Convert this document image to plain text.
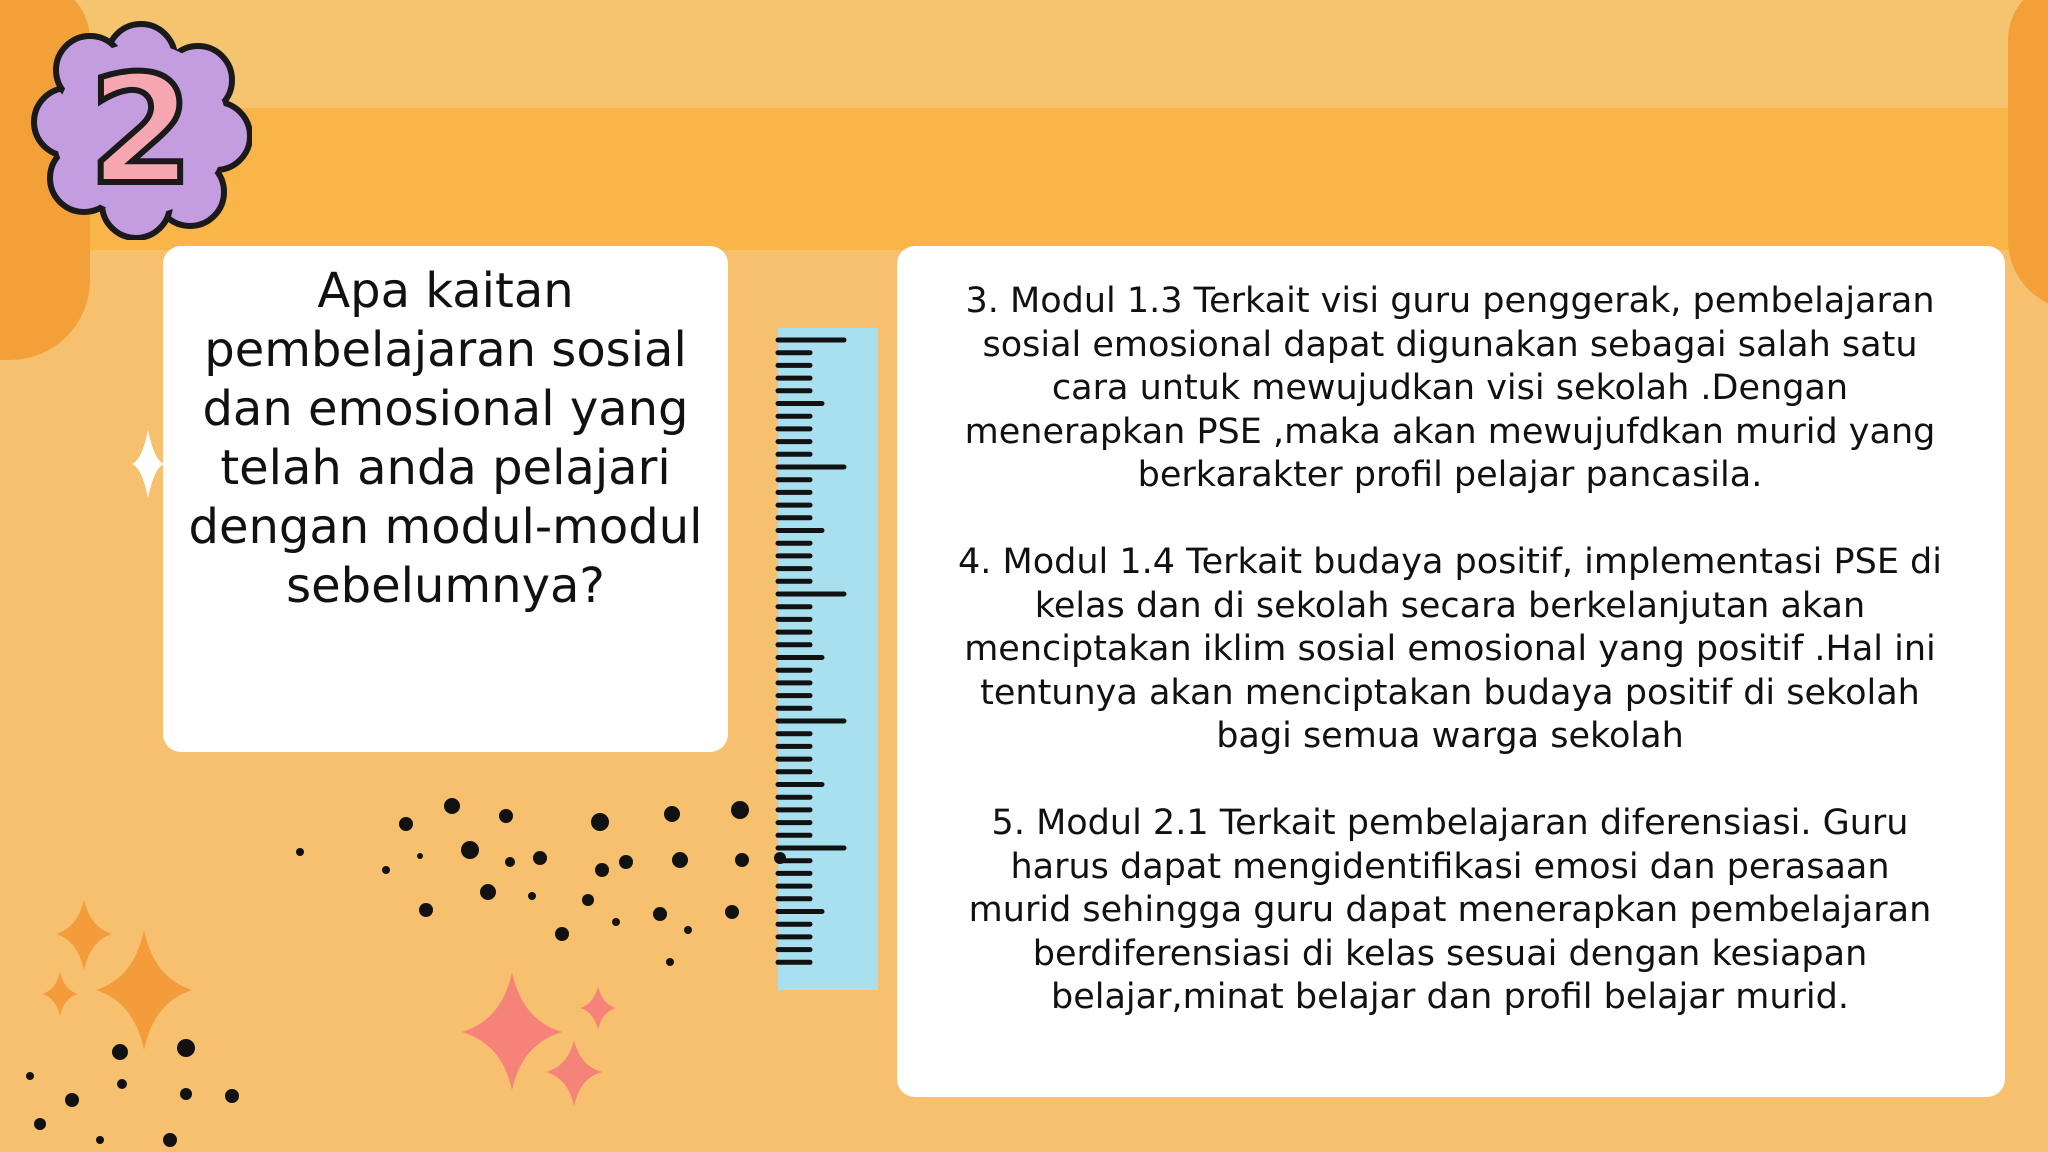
2
Apa kaitan
pembelajaran sosial
dan emosional yang
telah anda pelajari
dengan modul-modul
sebelumnya?

3. Modul 1.3 Terkait visi guru penggerak, pembelajaran
sosial emosional dapat digunakan sebagai salah satu
cara untuk mewujudkan visi sekolah .Dengan
menerapkan PSE ,maka akan mewujufdkan murid yang
berkarakter profil pelajar pancasila.

4. Modul 1.4 Terkait budaya positif, implementasi PSE di
kelas dan di sekolah secara berkelanjutan akan
menciptakan iklim sosial emosional yang positif .Hal ini
tentunya akan menciptakan budaya positif di sekolah
bagi semua warga sekolah

5. Modul 2.1 Terkait pembelajaran diferensiasi. Guru
harus dapat mengidentifikasi emosi dan perasaan
murid sehingga guru dapat menerapkan pembelajaran
berdiferensiasi di kelas sesuai dengan kesiapan
belajar,minat belajar dan profil belajar murid.
